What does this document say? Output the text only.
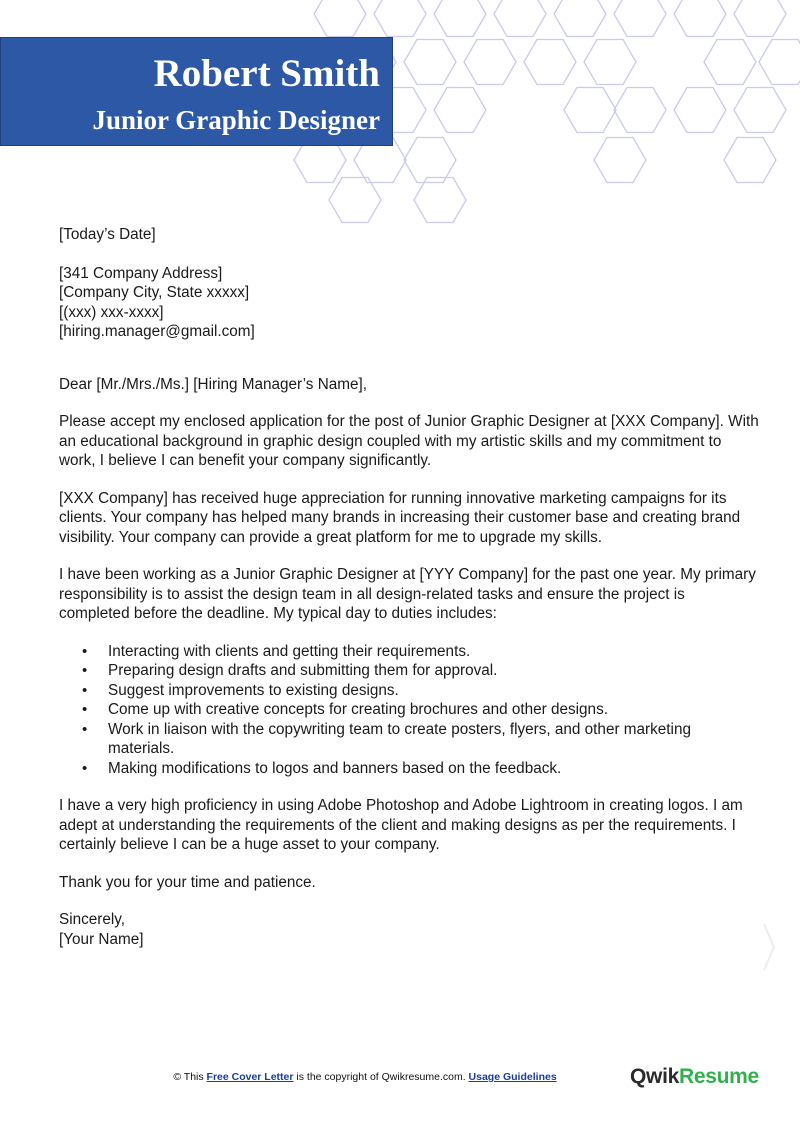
Robert Smith
Junior Graphic Designer

[Today’s Date]

[341 Company Address]

[Company City, State xxxxx]

[(xxx) xxx-xxxx]

[hiring.manager@gmail.com]

Dear [Mr./Mrs./Ms.] [Hiring Manager’s Name],

Please accept my enclosed application for the post of Junior Graphic Designer at [XXX Company]. With an educational background in graphic design coupled with my artistic skills and my commitment to work, I believe I can benefit your company significantly.

[XXX Company] has received huge appreciation for running innovative marketing campaigns for its clients. Your company has helped many brands in increasing their customer base and creating brand visibility. Your company can provide a great platform for me to upgrade my skills.

I have been working as a Junior Graphic Designer at [YYY Company] for the past one year. My primary responsibility is to assist the design team in all design-related tasks and ensure the project is completed before the deadline. My typical day to duties includes:

• Interacting with clients and getting their requirements.
• Preparing design drafts and submitting them for approval.
• Suggest improvements to existing designs.
• Come up with creative concepts for creating brochures and other designs.
• Work in liaison with the copywriting team to create posters, flyers, and other marketing materials.
• Making modifications to logos and banners based on the feedback.

I have a very high proficiency in using Adobe Photoshop and Adobe Lightroom in creating logos. I am adept at understanding the requirements of the client and making designs as per the requirements. I certainly believe I can be a huge asset to your company.

Thank you for your time and patience.

Sincerely,

[Your Name]

© This Free Cover Letter is the copyright of Qwikresume.com. Usage Guidelines	QwikResume
